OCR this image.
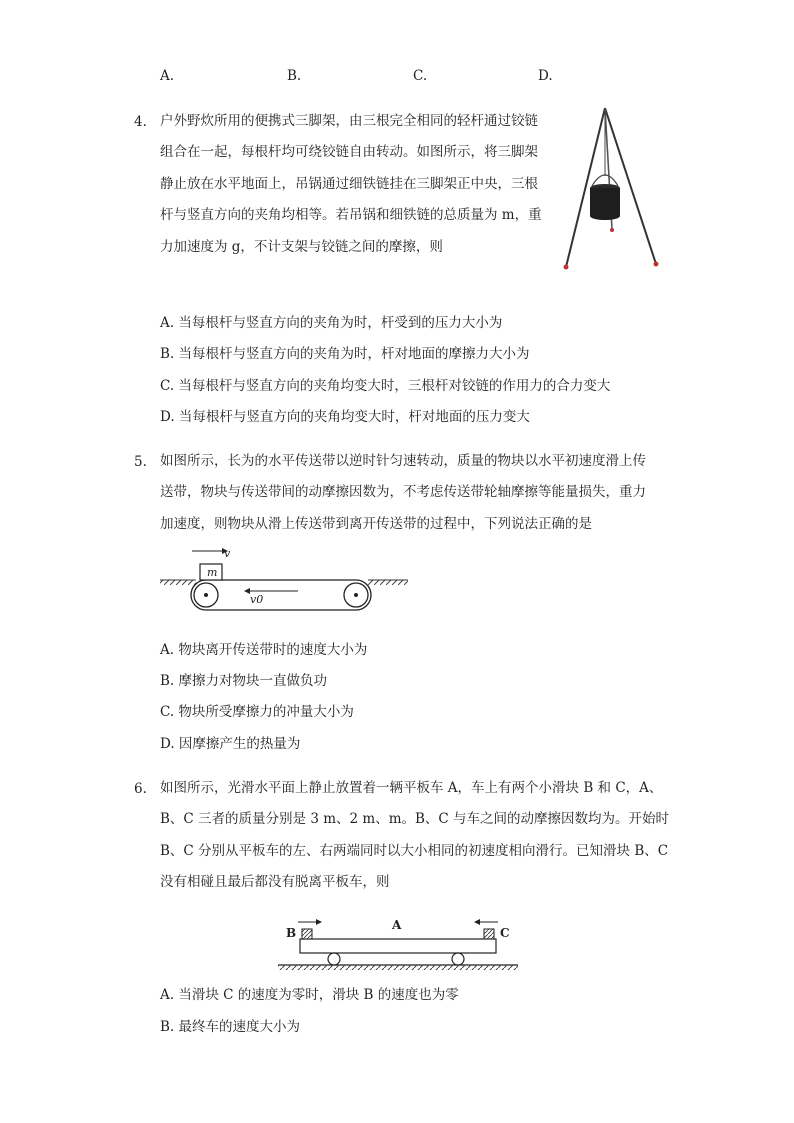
A.	B.	C.	D.
4. 户外野炊所用的便携式三脚架，由三根完全相同的轻杆通过铰链
组合在一起，每根杆均可绕铰链自由转动。如图所示，将三脚架
静止放在水平地面上，吊锅通过细铁链挂在三脚架正中央，三根
杆与竖直方向的夹角均相等。若吊锅和细铁链的总质量为 m，重
力加速度为 g，不计支架与铰链之间的摩擦，则
A. 当每根杆与竖直方向的夹角为时，杆受到的压力大小为
B. 当每根杆与竖直方向的夹角为时，杆对地面的摩擦力大小为
C. 当每根杆与竖直方向的夹角均变大时，三根杆对铰链的作用力的合力变大
D. 当每根杆与竖直方向的夹角均变大时，杆对地面的压力变大
5. 如图所示，长为的水平传送带以逆时针匀速转动，质量的物块以水平初速度滑上传
送带，物块与传送带间的动摩擦因数为，不考虑传送带轮轴摩擦等能量损失，重力
加速度，则物块从滑上传送带到离开传送带的过程中，下列说法正确的是
m
v
v0
A. 物块离开传送带时的速度大小为
B. 摩擦力对物块一直做负功
C. 物块所受摩擦力的冲量大小为
D. 因摩擦产生的热量为
6. 如图所示，光滑水平面上静止放置着一辆平板车 A，车上有两个小滑块 B 和 C，A、
B、C 三者的质量分别是 3 m、2 m、m。B、C 与车之间的动摩擦因数均为。开始时
B、C 分别从平板车的左、右两端同时以大小相同的初速度相向滑行。已知滑块 B、C
没有相碰且最后都没有脱离平板车，则
B	C
A
A. 当滑块 C 的速度为零时，滑块 B 的速度也为零
B. 最终车的速度大小为
